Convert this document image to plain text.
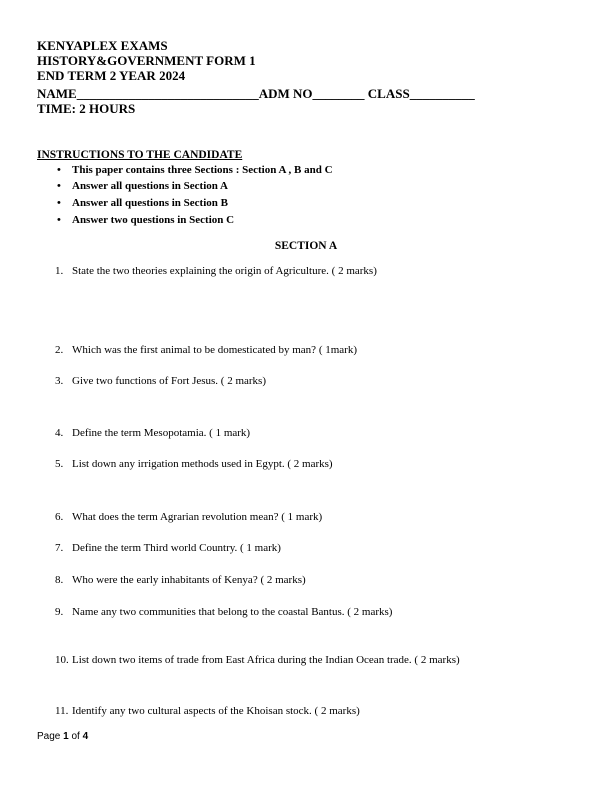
KENYAPLEX EXAMS
HISTORY&GOVERNMENT FORM 1
END TERM 2 YEAR 2024
NAME____________________________ADM NO________ CLASS__________
TIME: 2 HOURS
INSTRUCTIONS TO THE CANDIDATE
• This paper contains three Sections : Section A , B and C
• Answer all questions in Section A
• Answer all questions in Section B
• Answer two questions in Section C
SECTION A
1. State the two theories explaining the origin of Agriculture. ( 2 marks)
2. Which was the first animal to be domesticated by man? ( 1mark)
3. Give two functions of Fort Jesus. ( 2 marks)
4. Define the term Mesopotamia. ( 1 mark)
5. List down any irrigation methods used in Egypt. ( 2 marks)
6. What does the term Agrarian revolution mean? ( 1 mark)
7. Define the term Third world Country. ( 1 mark)
8. Who were the early inhabitants of Kenya? ( 2 marks)
9. Name any two communities that belong to the coastal Bantus. ( 2 marks)
10. List down two items of trade from East Africa during the Indian Ocean trade. ( 2 marks)
11. Identify any two cultural aspects of the Khoisan stock. ( 2 marks)
Page 1 of 4
